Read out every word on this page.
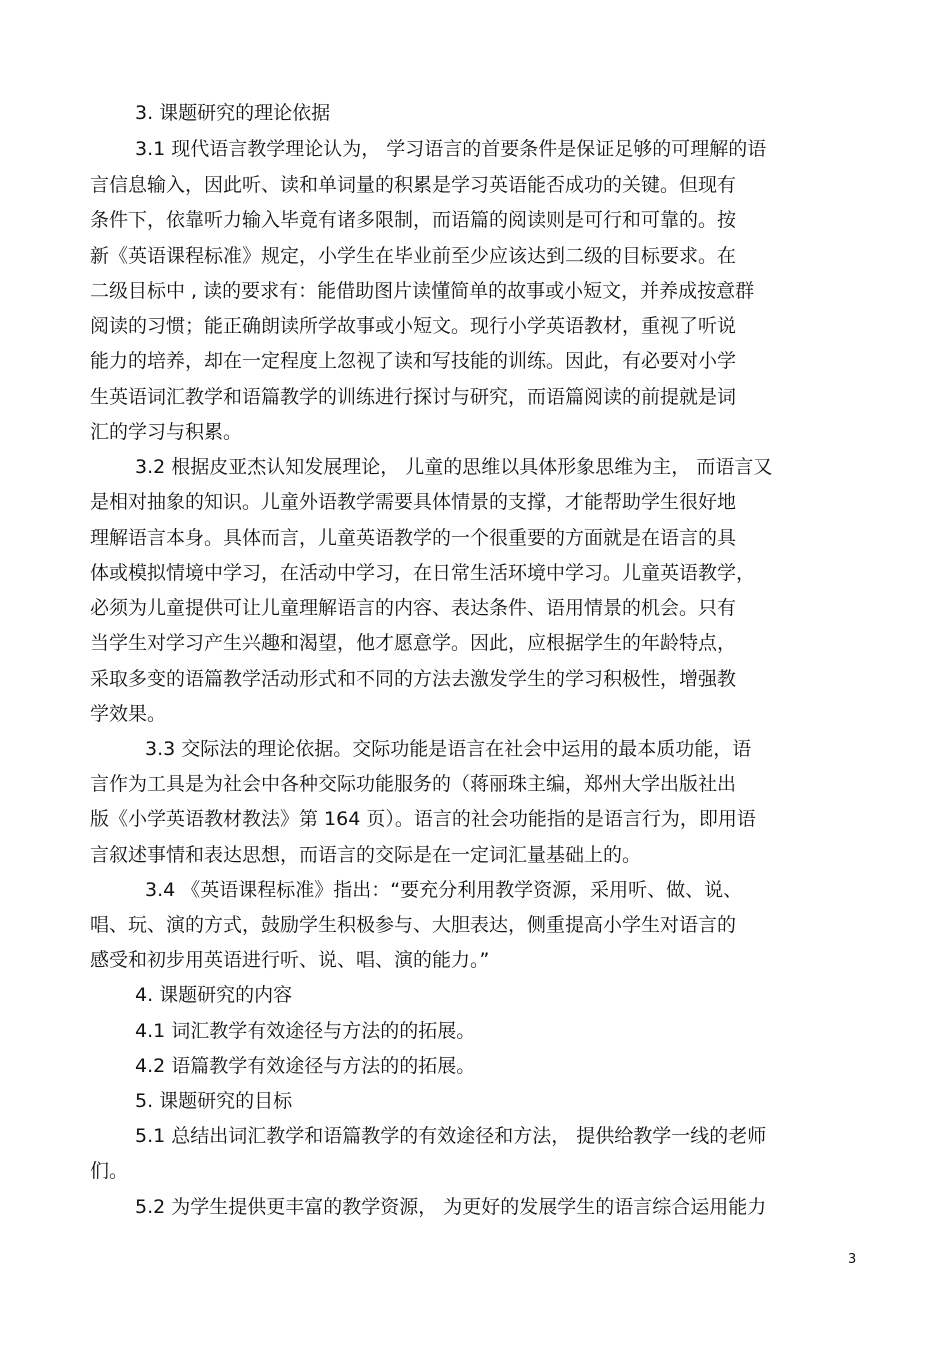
3. 课题研究的理论依据
3.1 现代语言教学理论认为， 学习语言的首要条件是保证足够的可理解的语
言信息输入，因此听、读和单词量的积累是学习英语能否成功的关键。但现有
条件下，依靠听力输入毕竟有诸多限制，而语篇的阅读则是可行和可靠的。按
新《英语课程标准》规定，小学生在毕业前至少应该达到二级的目标要求。在
二级目标中 , 读的要求有：能借助图片读懂简单的故事或小短文，并养成按意群
阅读的习惯；能正确朗读所学故事或小短文。现行小学英语教材，重视了听说
能力的培养，却在一定程度上忽视了读和写技能的训练。因此，有必要对小学
生英语词汇教学和语篇教学的训练进行探讨与研究，而语篇阅读的前提就是词
汇的学习与积累。
3.2 根据皮亚杰认知发展理论， 儿童的思维以具体形象思维为主， 而语言又
是相对抽象的知识。儿童外语教学需要具体情景的支撑，才能帮助学生很好地
理解语言本身。具体而言，儿童英语教学的一个很重要的方面就是在语言的具
体或模拟情境中学习，在活动中学习，在日常生活环境中学习。儿童英语教学，
必须为儿童提供可让儿童理解语言的内容、表达条件、语用情景的机会。只有
当学生对学习产生兴趣和渴望，他才愿意学。因此，应根据学生的年龄特点，
采取多变的语篇教学活动形式和不同的方法去激发学生的学习积极性，增强教
学效果。
3.3 交际法的理论依据。交际功能是语言在社会中运用的最本质功能，语
言作为工具是为社会中各种交际功能服务的（蒋丽珠主编，郑州大学出版社出
版《小学英语教材教法》第 164 页）。语言的社会功能指的是语言行为，即用语
言叙述事情和表达思想，而语言的交际是在一定词汇量基础上的。
3.4 《英语课程标准》指出：“要充分利用教学资源，采用听、做、说、
唱、玩、演的方式，鼓励学生积极参与、大胆表达，侧重提高小学生对语言的
感受和初步用英语进行听、说、唱、演的能力。”
4. 课题研究的内容
4.1 词汇教学有效途径与方法的的拓展。
4.2 语篇教学有效途径与方法的的拓展。
5. 课题研究的目标
5.1 总结出词汇教学和语篇教学的有效途径和方法， 提供给教学一线的老师
们。
5.2 为学生提供更丰富的教学资源， 为更好的发展学生的语言综合运用能力
3
